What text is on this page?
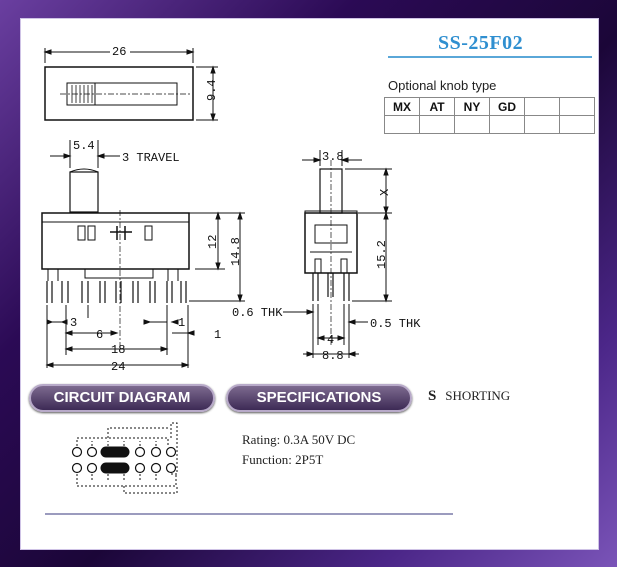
SS-25F02
Optional knob type
MX	AT	NY	GD		

26
9.4
5.4
3 TRAVEL
12 14.8
3	1
6	1
18
24
3.8
X
15.2
0.6 THK
0.5 THK
4
8.8
CIRCUIT DIAGRAM	SPECIFICATIONS	S SHORTING
Rating: 0.3A 50V DC
Function: 2P5T
